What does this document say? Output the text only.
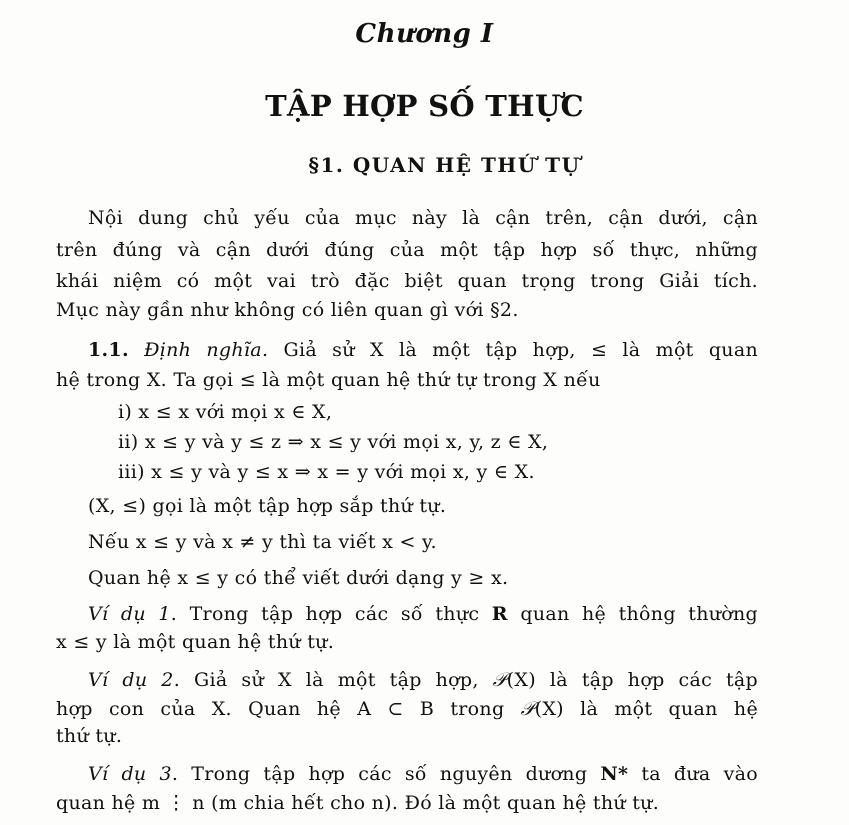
Chương I
TẬP HỢP SỐ THỰC
§1. QUAN HỆ THỨ TỰ
Nội dung chủ yếu của mục này là cận trên, cận dưới, cận
trên đúng và cận dưới đúng của một tập hợp số thực, những
khái niệm có một vai trò đặc biệt quan trọng trong Giải tích.
Mục này gần như không có liên quan gì với §2.
1.1. Định nghĩa. Giả sử X là một tập hợp, ≤ là một quan
hệ trong X. Ta gọi ≤ là một quan hệ thứ tự trong X nếu
i) x ≤ x với mọi x ∈ X,
ii) x ≤ y và y ≤ z ⇒ x ≤ y với mọi x, y, z ∈ X,
iii) x ≤ y và y ≤ x ⇒ x = y với mọi x, y ∈ X.
(X, ≤) gọi là một tập hợp sắp thứ tự.
Nếu x ≤ y và x ≠ y thì ta viết x < y.
Quan hệ x ≤ y có thể viết dưới dạng y ≥ x.
Ví dụ 1. Trong tập hợp các số thực R quan hệ thông thường
x ≤ y là một quan hệ thứ tự.
Ví dụ 2. Giả sử X là một tập hợp, 𝒫(X) là tập hợp các tập
hợp con của X. Quan hệ A ⊂ B trong 𝒫(X) là một quan hệ
thứ tự.
Ví dụ 3. Trong tập hợp các số nguyên dương N* ta đưa vào
quan hệ m ⋮ n (m chia hết cho n). Đó là một quan hệ thứ tự.
